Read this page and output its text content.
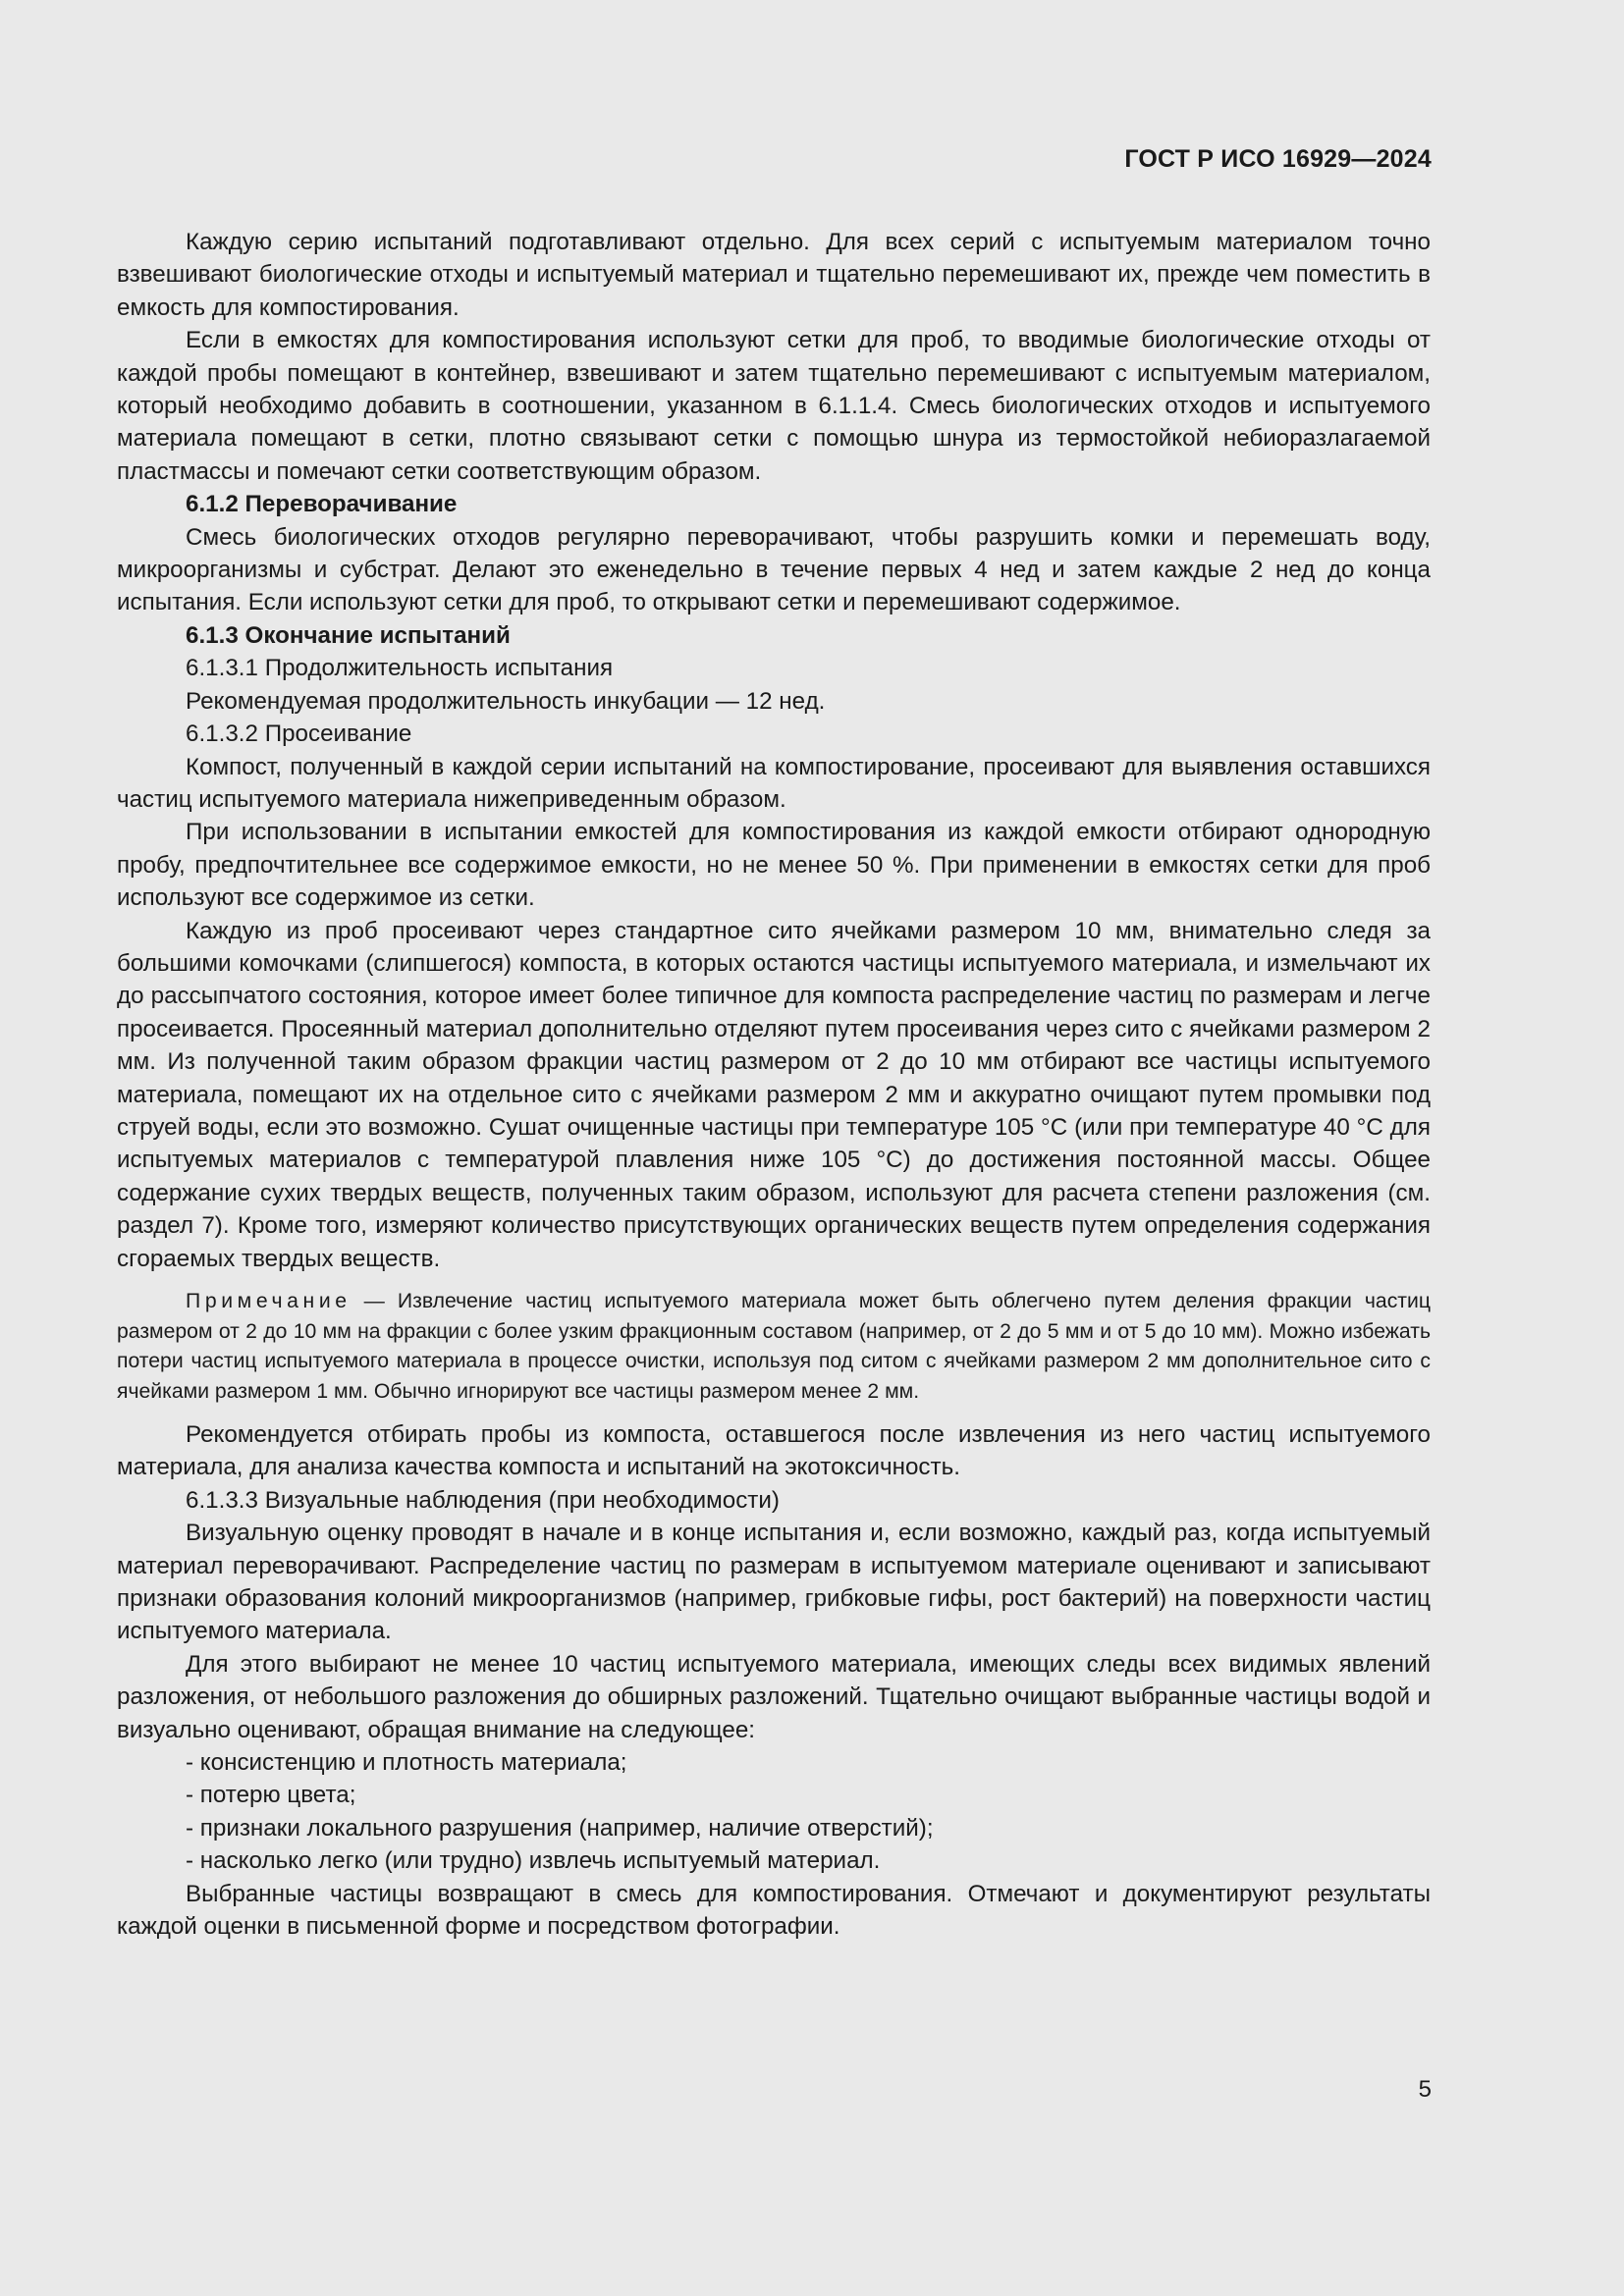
ГОСТ Р ИСО 16929—2024

Каждую серию испытаний подготавливают отдельно. Для всех серий с испытуемым материалом точно взвешивают биологические отходы и испытуемый материал и тщательно перемешивают их, прежде чем поместить в емкость для компостирования.

Если в емкостях для компостирования используют сетки для проб, то вводимые биологические отходы от каждой пробы помещают в контейнер, взвешивают и затем тщательно перемешивают с испытуемым материалом, который необходимо добавить в соотношении, указанном в 6.1.1.4. Смесь биологических отходов и испытуемого материала помещают в сетки, плотно связывают сетки с помощью шнура из термостойкой небиоразлагаемой пластмассы и помечают сетки соответствующим образом.

6.1.2 Переворачивание

Смесь биологических отходов регулярно переворачивают, чтобы разрушить комки и перемешать воду, микроорганизмы и субстрат. Делают это еженедельно в течение первых 4 нед и затем каждые 2 нед до конца испытания. Если используют сетки для проб, то открывают сетки и перемешивают содержимое.

6.1.3 Окончание испытаний

6.1.3.1 Продолжительность испытания

Рекомендуемая продолжительность инкубации — 12 нед.

6.1.3.2 Просеивание

Компост, полученный в каждой серии испытаний на компостирование, просеивают для выявления оставшихся частиц испытуемого материала нижеприведенным образом.

При использовании в испытании емкостей для компостирования из каждой емкости отбирают однородную пробу, предпочтительнее все содержимое емкости, но не менее 50 %. При применении в емкостях сетки для проб используют все содержимое из сетки.

Каждую из проб просеивают через стандартное сито ячейками размером 10 мм, внимательно следя за большими комочками (слипшегося) компоста, в которых остаются частицы испытуемого материала, и измельчают их до рассыпчатого состояния, которое имеет более типичное для компоста распределение частиц по размерам и легче просеивается. Просеянный материал дополнительно отделяют путем просеивания через сито с ячейками размером 2 мм. Из полученной таким образом фракции частиц размером от 2 до 10 мм отбирают все частицы испытуемого материала, помещают их на отдельное сито с ячейками размером 2 мм и аккуратно очищают путем промывки под струей воды, если это возможно. Сушат очищенные частицы при температуре 105 °С (или при температуре 40 °С для испытуемых материалов с температурой плавления ниже 105 °С) до достижения постоянной массы. Общее содержание сухих твердых веществ, полученных таким образом, используют для расчета степени разложения (см. раздел 7). Кроме того, измеряют количество присутствующих органических веществ путем определения содержания сгораемых твердых веществ.

Примечание — Извлечение частиц испытуемого материала может быть облегчено путем деления фракции частиц размером от 2 до 10 мм на фракции с более узким фракционным составом (например, от 2 до 5 мм и от 5 до 10 мм). Можно избежать потери частиц испытуемого материала в процессе очистки, используя под ситом с ячейками размером 2 мм дополнительное сито с ячейками размером 1 мм. Обычно игнорируют все частицы размером менее 2 мм.

Рекомендуется отбирать пробы из компоста, оставшегося после извлечения из него частиц испытуемого материала, для анализа качества компоста и испытаний на экотоксичность.

6.1.3.3 Визуальные наблюдения (при необходимости)

Визуальную оценку проводят в начале и в конце испытания и, если возможно, каждый раз, когда испытуемый материал переворачивают. Распределение частиц по размерам в испытуемом материале оценивают и записывают признаки образования колоний микроорганизмов (например, грибковые гифы, рост бактерий) на поверхности частиц испытуемого материала.

Для этого выбирают не менее 10 частиц испытуемого материала, имеющих следы всех видимых явлений разложения, от небольшого разложения до обширных разложений. Тщательно очищают выбранные частицы водой и визуально оценивают, обращая внимание на следующее:

- консистенцию и плотность материала;

- потерю цвета;

- признаки локального разрушения (например, наличие отверстий);

- насколько легко (или трудно) извлечь испытуемый материал.

Выбранные частицы возвращают в смесь для компостирования. Отмечают и документируют результаты каждой оценки в письменной форме и посредством фотографии.

5
